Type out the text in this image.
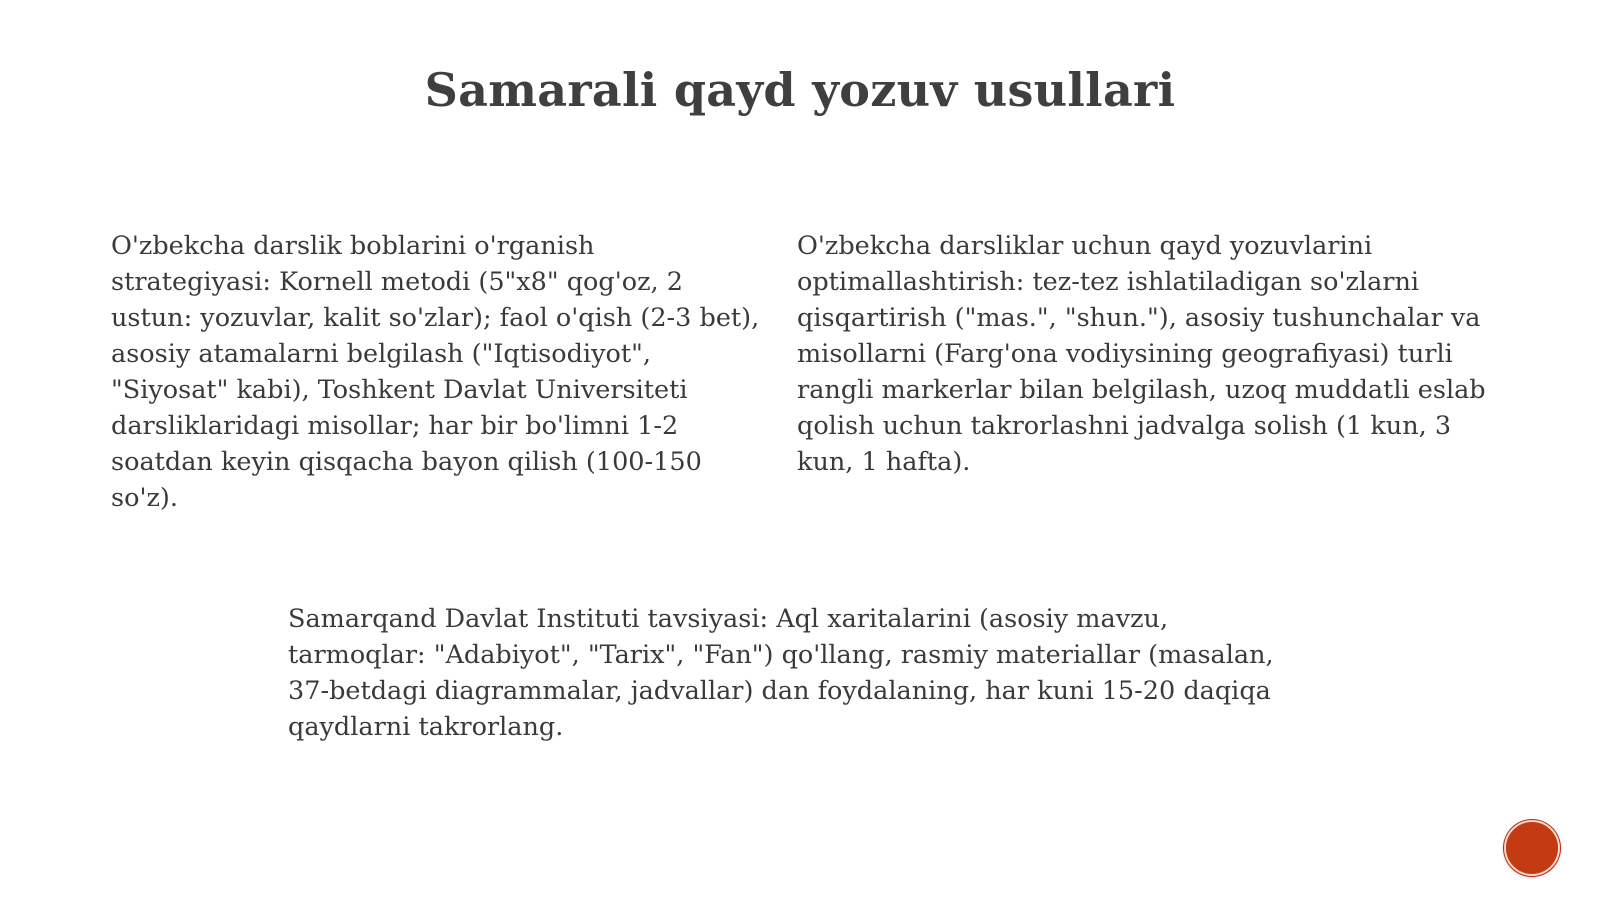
Samarali qayd yozuv usullari

O'zbekcha darslik boblarini o'rganish strategiyasi: Kornell metodi (5"x8" qog'oz, 2 ustun: yozuvlar, kalit so'zlar); faol o'qish (2-3 bet), asosiy atamalarni belgilash ("Iqtisodiyot", "Siyosat" kabi), Toshkent Davlat Universiteti darsliklaridagi misollar; har bir bo'limni 1-2 soatdan keyin qisqacha bayon qilish (100-150 so'z).

O'zbekcha darsliklar uchun qayd yozuvlarini optimallashtirish: tez-tez ishlatiladigan so'zlarni qisqartirish ("mas.", "shun."), asosiy tushunchalar va misollarni (Farg'ona vodiysining geografiyasi) turli rangli markerlar bilan belgilash, uzoq muddatli eslab qolish uchun takrorlashni jadvalga solish (1 kun, 3 kun, 1 hafta).

Samarqand Davlat Instituti tavsiyasi: Aql xaritalarini (asosiy mavzu, tarmoqlar: "Adabiyot", "Tarix", "Fan") qo'llang, rasmiy materiallar (masalan, 37-betdagi diagrammalar, jadvallar) dan foydalaning, har kuni 15-20 daqiqa qaydlarni takrorlang.
